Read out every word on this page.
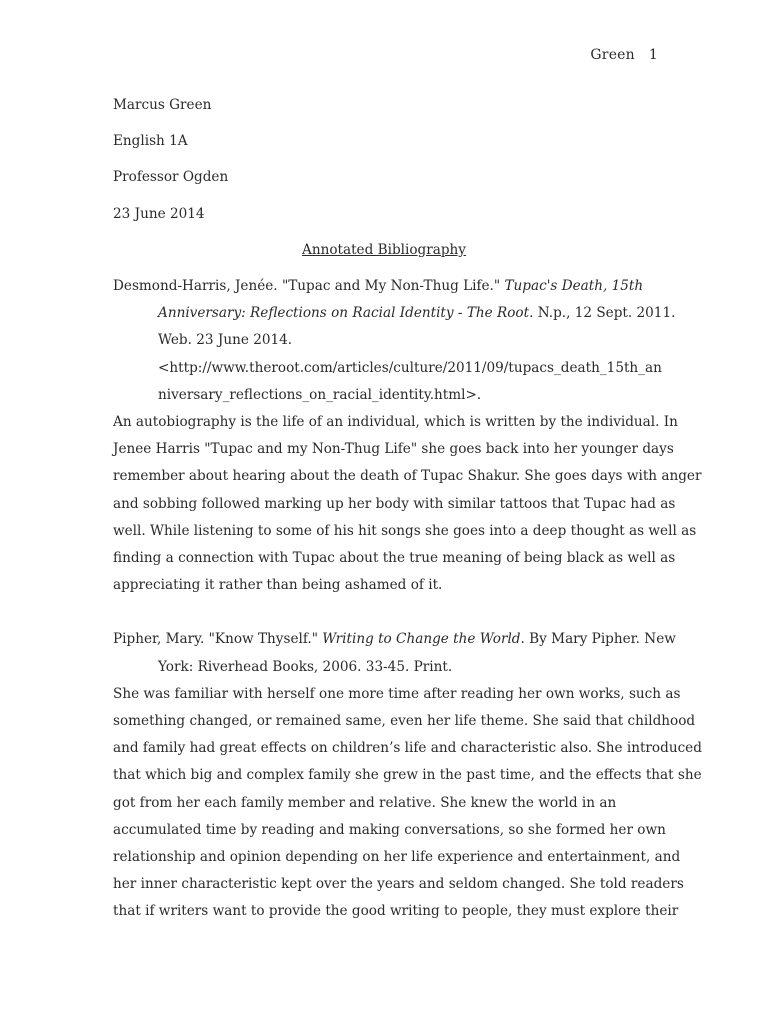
Green 1

Marcus Green

English 1A

Professor Ogden

23 June 2014

Annotated Bibliography

Desmond-Harris, Jenée. "Tupac and My Non-Thug Life." Tupac's Death, 15th

Anniversary: Reflections on Racial Identity - The Root. N.p., 12 Sept. 2011.

Web. 23 June 2014.

<http://www.theroot.com/articles/culture/2011/09/tupacs_death_15th_an

niversary_reflections_on_racial_identity.html>.

An autobiography is the life of an individual, which is written by the individual. In

Jenee Harris "Tupac and my Non-Thug Life" she goes back into her younger days

remember about hearing about the death of Tupac Shakur. She goes days with anger

and sobbing followed marking up her body with similar tattoos that Tupac had as

well. While listening to some of his hit songs she goes into a deep thought as well as

finding a connection with Tupac about the true meaning of being black as well as

appreciating it rather than being ashamed of it.

Pipher, Mary. "Know Thyself." Writing to Change the World. By Mary Pipher. New

York: Riverhead Books, 2006. 33-45. Print.

She was familiar with herself one more time after reading her own works, such as

something changed, or remained same, even her life theme. She said that childhood

and family had great effects on children’s life and characteristic also. She introduced

that which big and complex family she grew in the past time, and the effects that she

got from her each family member and relative. She knew the world in an

accumulated time by reading and making conversations, so she formed her own

relationship and opinion depending on her life experience and entertainment, and

her inner characteristic kept over the years and seldom changed. She told readers

that if writers want to provide the good writing to people, they must explore their
